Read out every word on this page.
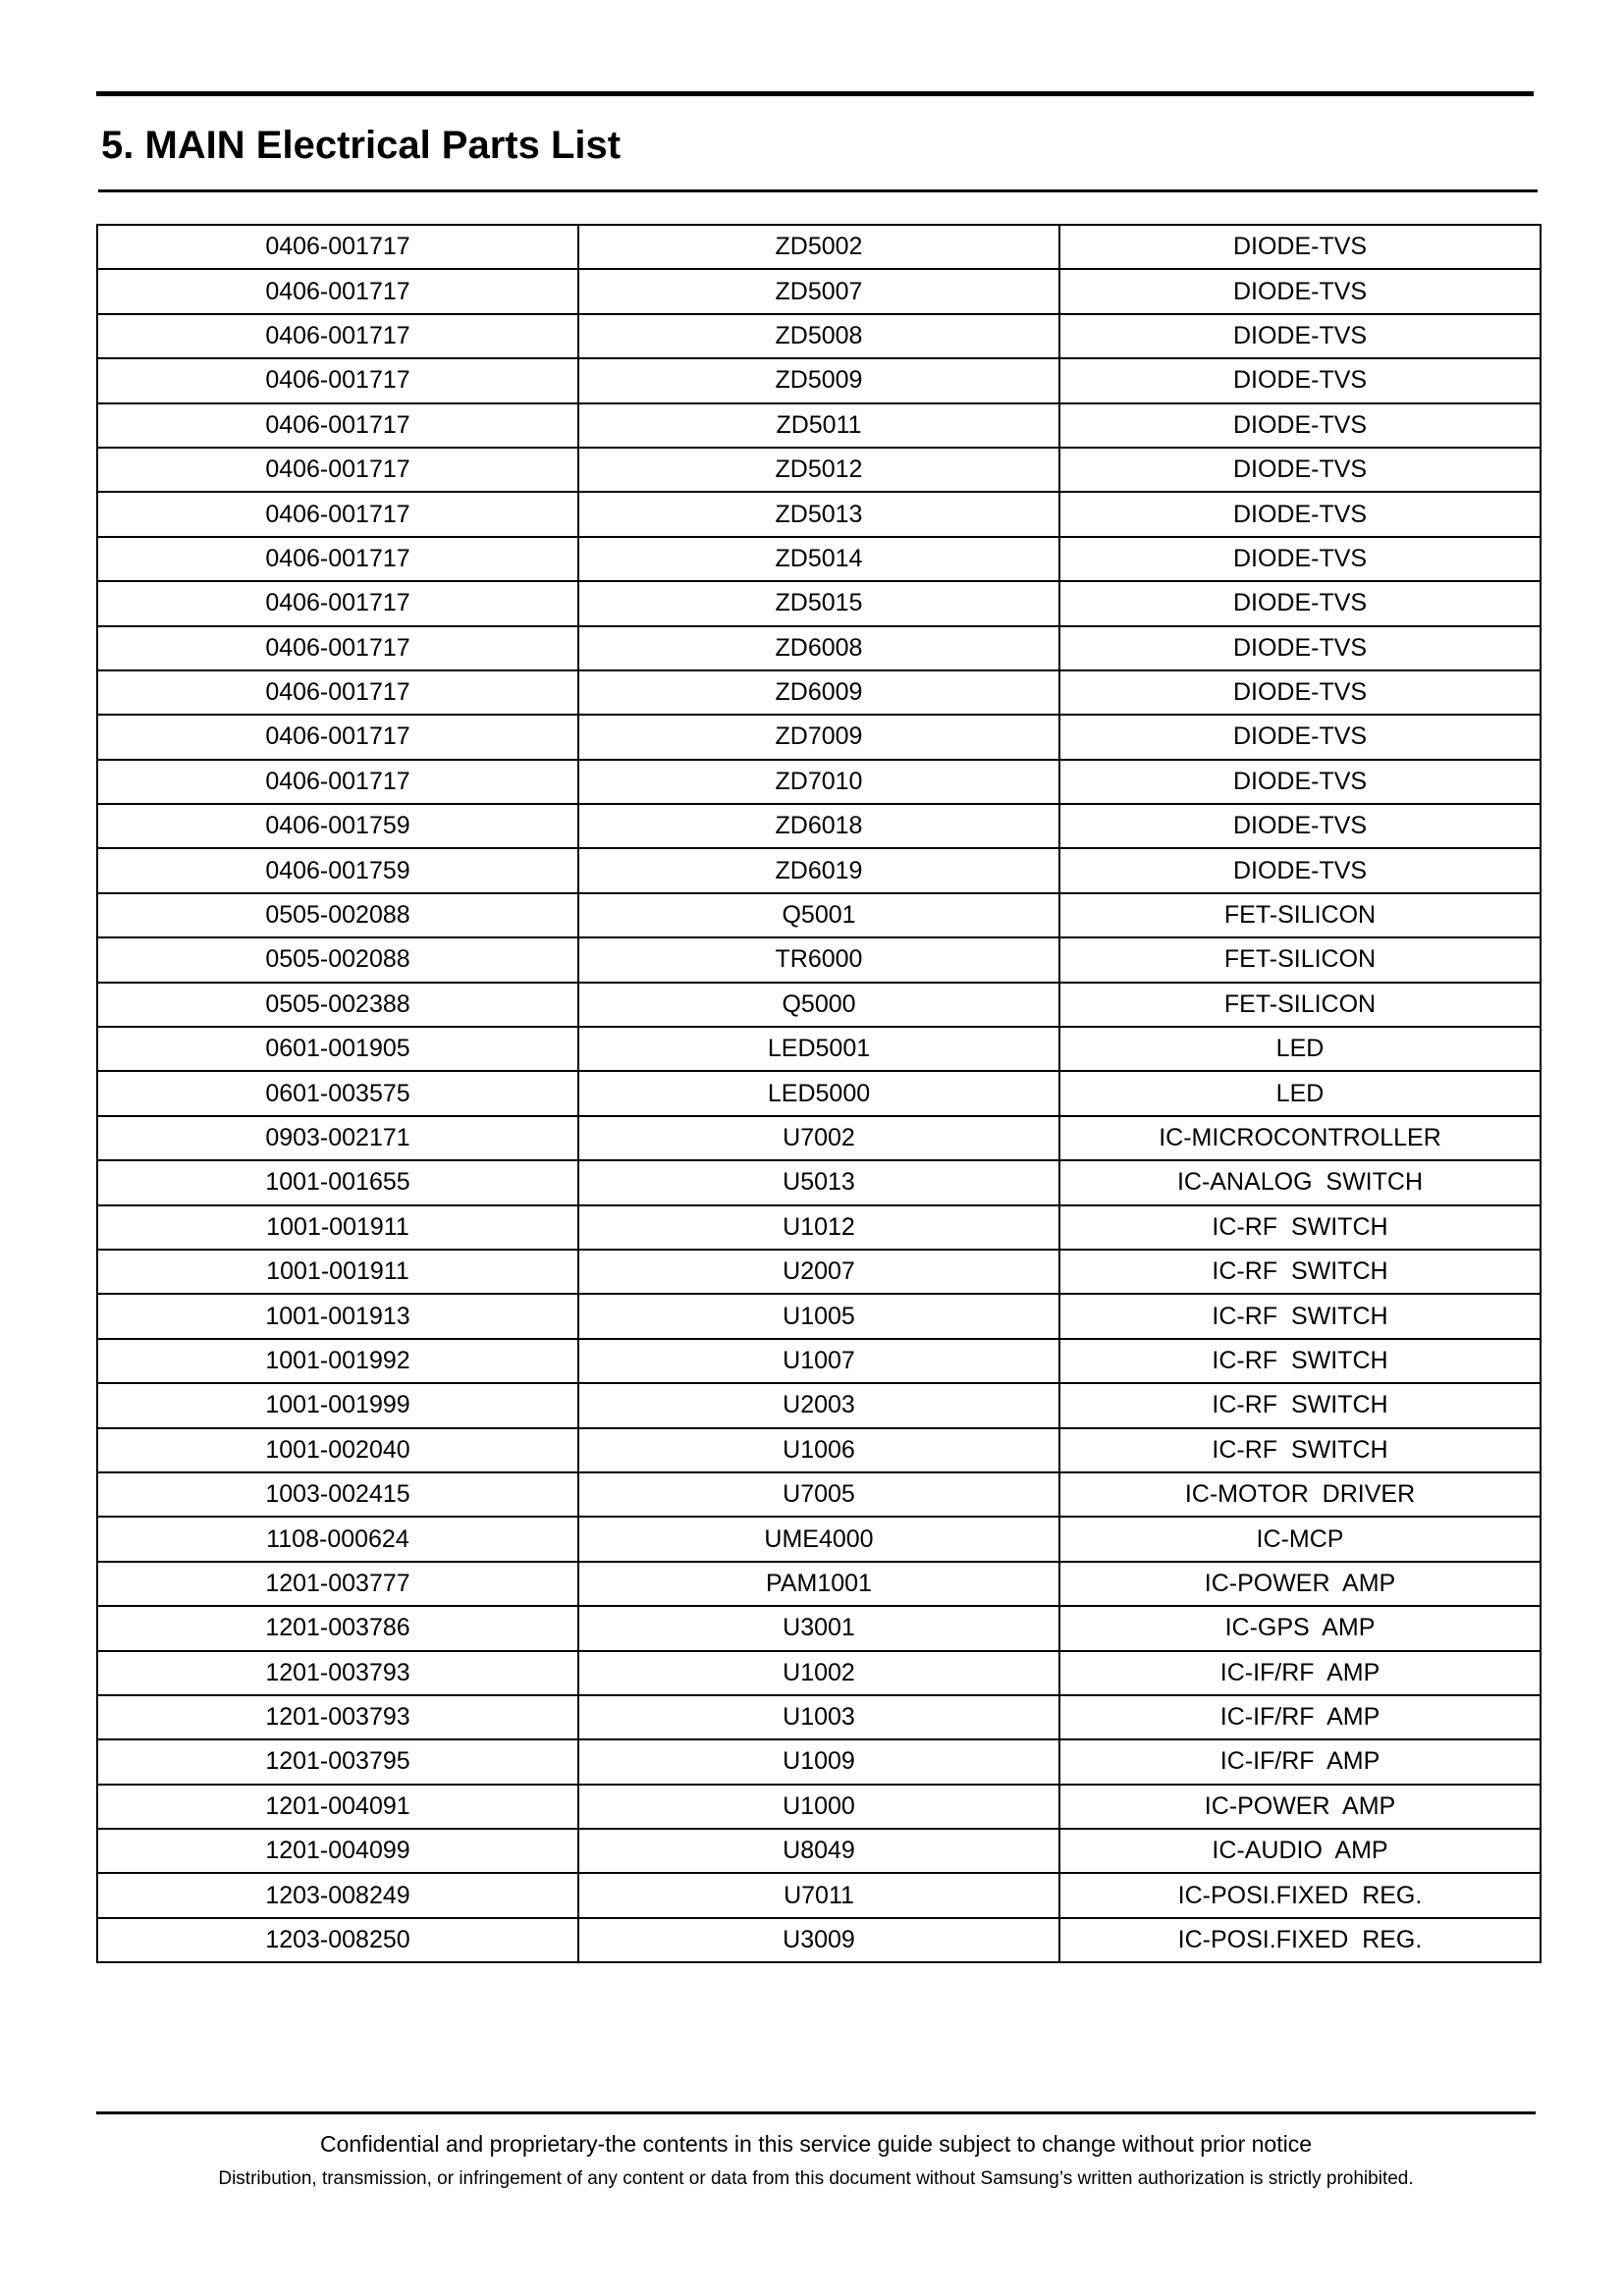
5. MAIN Electrical Parts List
0406-001717	ZD5002	DIODE-TVS
0406-001717	ZD5007	DIODE-TVS
0406-001717	ZD5008	DIODE-TVS
0406-001717	ZD5009	DIODE-TVS
0406-001717	ZD5011	DIODE-TVS
0406-001717	ZD5012	DIODE-TVS
0406-001717	ZD5013	DIODE-TVS
0406-001717	ZD5014	DIODE-TVS
0406-001717	ZD5015	DIODE-TVS
0406-001717	ZD6008	DIODE-TVS
0406-001717	ZD6009	DIODE-TVS
0406-001717	ZD7009	DIODE-TVS
0406-001717	ZD7010	DIODE-TVS
0406-001759	ZD6018	DIODE-TVS
0406-001759	ZD6019	DIODE-TVS
0505-002088	Q5001	FET-SILICON
0505-002088	TR6000	FET-SILICON
0505-002388	Q5000	FET-SILICON
0601-001905	LED5001	LED
0601-003575	LED5000	LED
0903-002171	U7002	IC-MICROCONTROLLER
1001-001655	U5013	IC-ANALOG  SWITCH
1001-001911	U1012	IC-RF  SWITCH
1001-001911	U2007	IC-RF  SWITCH
1001-001913	U1005	IC-RF  SWITCH
1001-001992	U1007	IC-RF  SWITCH
1001-001999	U2003	IC-RF  SWITCH
1001-002040	U1006	IC-RF  SWITCH
1003-002415	U7005	IC-MOTOR  DRIVER
1108-000624	UME4000	IC-MCP
1201-003777	PAM1001	IC-POWER  AMP
1201-003786	U3001	IC-GPS  AMP
1201-003793	U1002	IC-IF/RF  AMP
1201-003793	U1003	IC-IF/RF  AMP
1201-003795	U1009	IC-IF/RF  AMP
1201-004091	U1000	IC-POWER  AMP
1201-004099	U8049	IC-AUDIO  AMP
1203-008249	U7011	IC-POSI.FIXED  REG.
1203-008250	U3009	IC-POSI.FIXED  REG.
Confidential and proprietary-the contents in this service guide subject to change without prior notice
Distribution, transmission, or infringement of any content or data from this document without Samsung’s written authorization is strictly prohibited.
